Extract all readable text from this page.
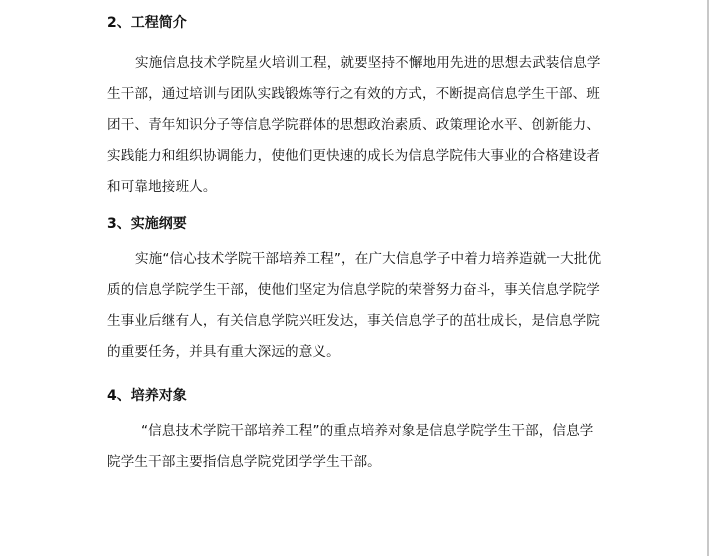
2、工程简介

实施信息技术学院星火培训工程，就要坚持不懈地用先进的思想去武装信息学生干部，通过培训与团队实践锻炼等行之有效的方式，不断提高信息学生干部、班团干、青年知识分子等信息学院群体的思想政治素质、政策理论水平、创新能力、实践能力和组织协调能力，使他们更快速的成长为信息学院伟大事业的合格建设者和可靠地接班人。

3、实施纲要

实施“信心技术学院干部培养工程”，在广大信息学子中着力培养造就一大批优质的信息学院学生干部，使他们坚定为信息学院的荣誉努力奋斗，事关信息学院学生事业后继有人，有关信息学院兴旺发达，事关信息学子的茁壮成长，是信息学院的重要任务，并具有重大深远的意义。

4、培养对象

“信息技术学院干部培养工程”的重点培养对象是信息学院学生干部，信息学院学生干部主要指信息学院党团学学生干部。
